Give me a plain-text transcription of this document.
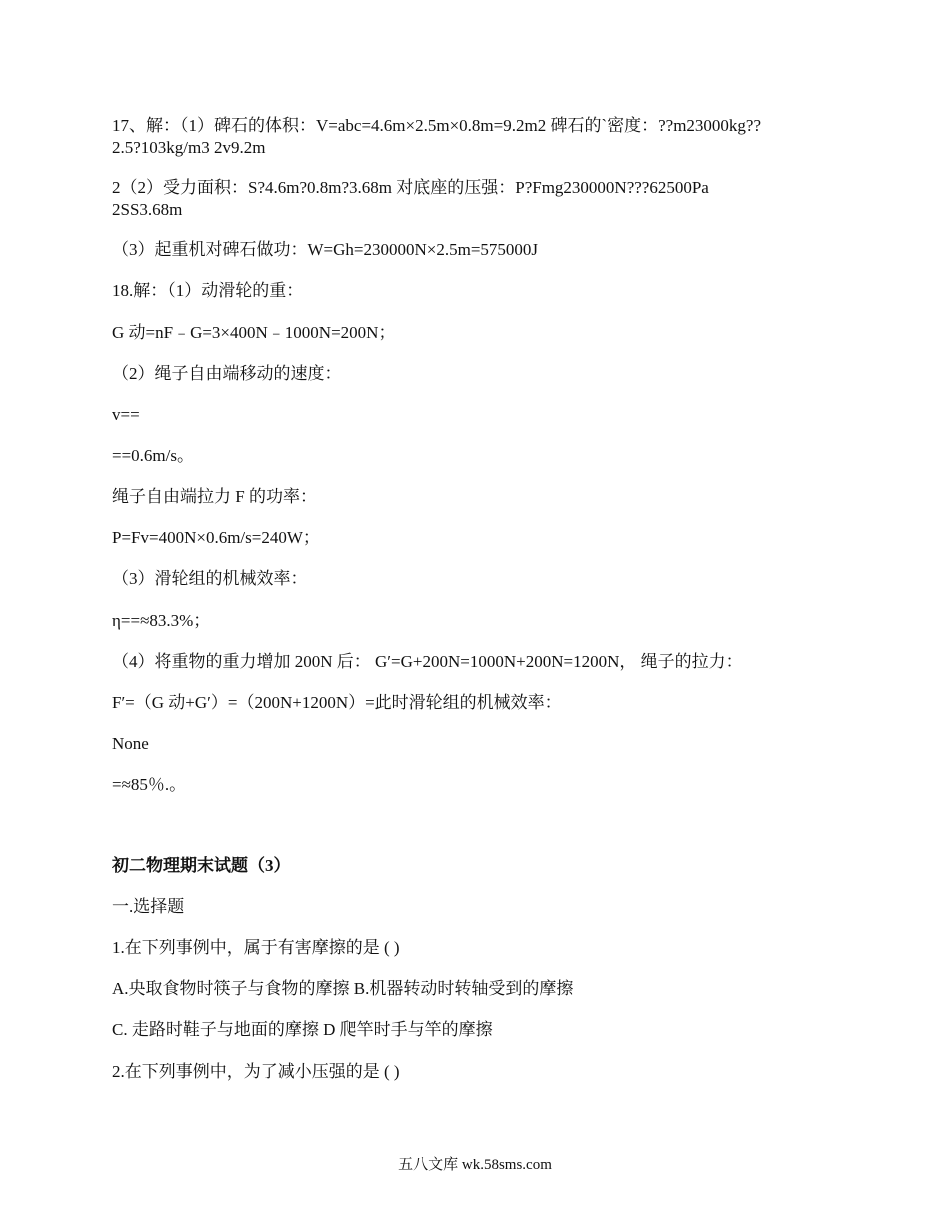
17、解：（1）碑石的体积：V=abc=4.6m×2.5m×0.8m=9.2m2 碑石的`密度：??m23000kg??
2.5?103kg/m3 2v9.2m
2（2）受力面积：S?4.6m?0.8m?3.68m 对底座的压强：P?Fmg230000N???62500Pa
2SS3.68m
（3）起重机对碑石做功：W=Gh=230000N×2.5m=575000J
18.解：（1）动滑轮的重：
G 动=nF﹣G=3×400N﹣1000N=200N；
（2）绳子自由端移动的速度：
v==
==0.6m/s。
绳子自由端拉力 F 的功率：
P=Fv=400N×0.6m/s=240W；
（3）滑轮组的机械效率：
η==≈83.3%；
（4）将重物的重力增加 200N 后： G′=G+200N=1000N+200N=1200N， 绳子的拉力：
F′=（G 动+G′）=（200N+1200N）=此时滑轮组的机械效率：
None
=≈85％.。
初二物理期末试题（3）
一.选择题
1.在下列事例中，属于有害摩擦的是 ( )
A.央取食物时筷子与食物的摩擦 B.机器转动时转轴受到的摩擦
C. 走路时鞋子与地面的摩擦 D 爬竿时手与竿的摩擦
2.在下列事例中，为了减小压强的是 ( )
五八文库 wk.58sms.com
